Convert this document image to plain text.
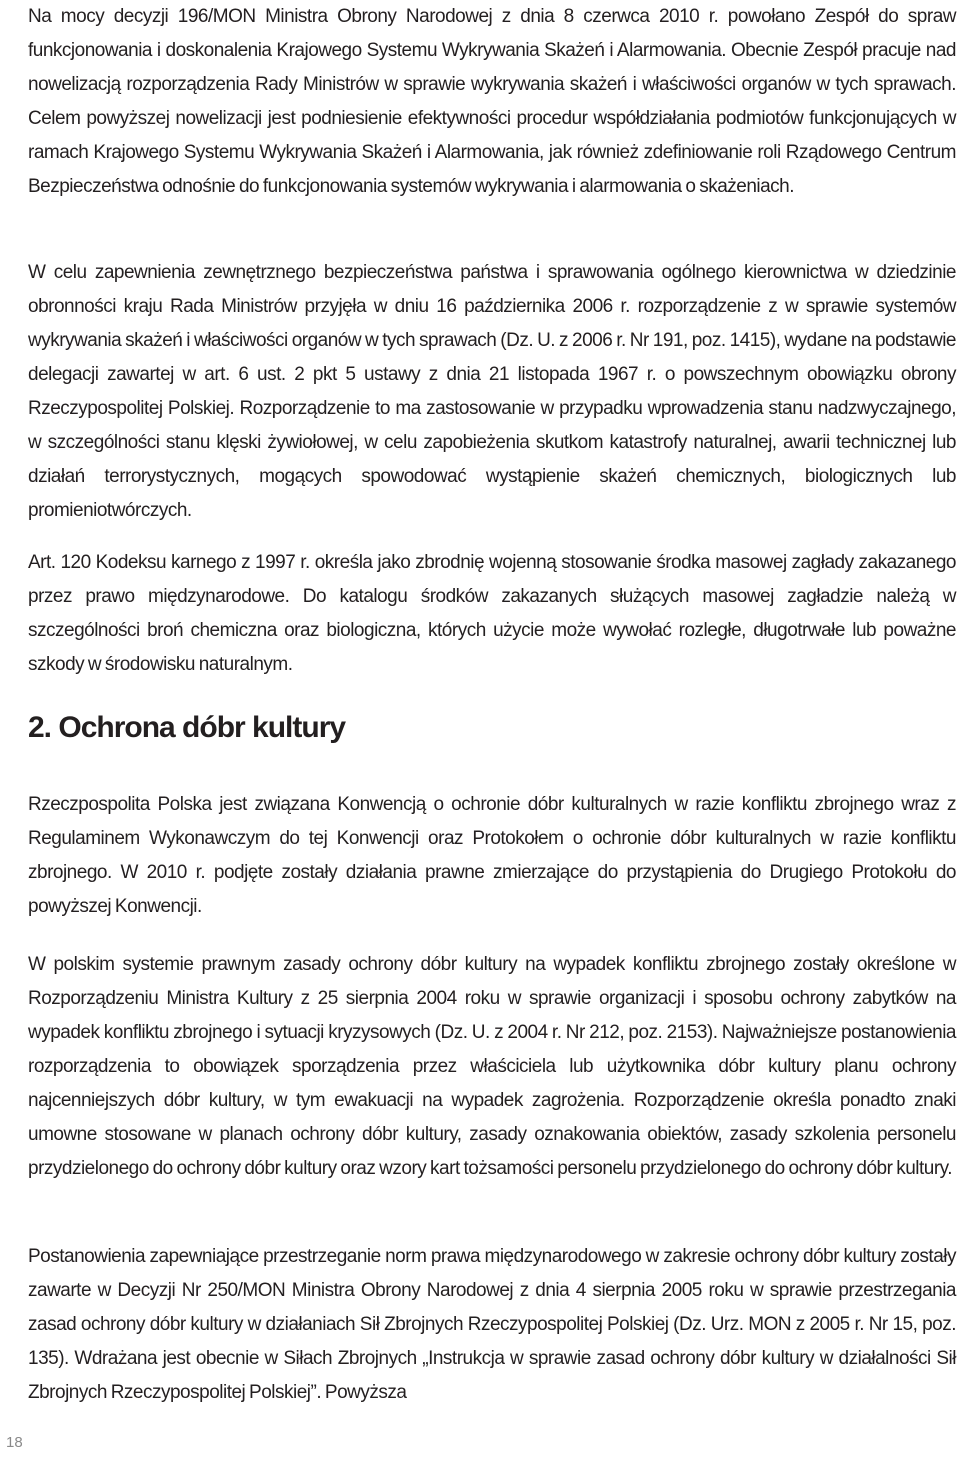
Na mocy decyzji 196/MON Ministra Obrony Narodowej z dnia 8 czerwca 2010 r. powołano Zespół do spraw funkcjonowania i doskonalenia Krajowego Systemu Wykrywania Skażeń i Alarmowania. Obecnie Zespół pracuje nad nowelizacją rozporządzenia Rady Ministrów w sprawie wykrywania skażeń i właściwości organów w tych sprawach. Celem powyższej nowelizacji jest podniesienie efektywności procedur współdziałania podmiotów funkcjonujących w ramach Krajowego Systemu Wykrywania Skażeń i Alarmowania, jak również zdefiniowanie roli Rządowego Centrum Bezpieczeństwa odnośnie do funkcjonowania systemów wykrywania i alarmowania o skażeniach.

W celu zapewnienia zewnętrznego bezpieczeństwa państwa i sprawowania ogólnego kierownictwa w dziedzinie obronności kraju Rada Ministrów przyjęła w dniu 16 października 2006 r. rozporządzenie z w sprawie systemów wykrywania skażeń i właściwości organów w tych sprawach (Dz. U. z 2006 r. Nr 191, poz. 1415), wydane na podstawie delegacji zawartej w art. 6 ust. 2 pkt 5 ustawy z dnia 21 listopada 1967 r. o powszechnym obowiązku obrony Rzeczypospolitej Polskiej. Rozporządzenie to ma zastosowanie w przypadku wprowadzenia stanu nadzwyczajnego, w szczególności stanu klęski żywiołowej, w celu zapobieżenia skutkom katastrofy naturalnej, awarii technicznej lub działań terrorystycznych, mogących spowodować wystąpienie skażeń chemicznych, biologicznych lub promieniotwórczych.

Art. 120 Kodeksu karnego z 1997 r. określa jako zbrodnię wojenną stosowanie środka masowej zagłady zakazanego przez prawo międzynarodowe. Do katalogu środków zakazanych służących masowej zagładzie należą w szczególności broń chemiczna oraz biologiczna, których użycie może wywołać rozległe, długotrwałe lub poważne szkody w środowisku naturalnym.

2. Ochrona dóbr kultury

Rzeczpospolita Polska jest związana Konwencją o ochronie dóbr kulturalnych w razie konfliktu zbrojnego wraz z Regulaminem Wykonawczym do tej Konwencji oraz Protokołem o ochronie dóbr kulturalnych w razie konfliktu zbrojnego. W 2010 r. podjęte zostały działania prawne zmierzające do przystąpienia do Drugiego Protokołu do powyższej Konwencji.

W polskim systemie prawnym zasady ochrony dóbr kultury na wypadek konfliktu zbrojnego zostały określone w Rozporządzeniu Ministra Kultury z 25 sierpnia 2004 roku w sprawie organizacji i sposobu ochrony zabytków na wypadek konfliktu zbrojnego i sytuacji kryzysowych (Dz. U. z 2004 r. Nr 212, poz. 2153). Najważniejsze postanowienia rozporządzenia to obowiązek sporządzenia przez właściciela lub użytkownika dóbr kultury planu ochrony najcenniejszych dóbr kultury, w tym ewakuacji na wypadek zagrożenia. Rozporządzenie określa ponadto znaki umowne stosowane w planach ochrony dóbr kultury, zasady oznakowania obiektów, zasady szkolenia personelu przydzielonego do ochrony dóbr kultury oraz wzory kart tożsamości personelu przydzielonego do ochrony dóbr kultury.

Postanowienia zapewniające przestrzeganie norm prawa międzynarodowego w zakresie ochrony dóbr kultury zostały zawarte w Decyzji Nr 250/MON Ministra Obrony Narodowej z dnia 4 sierpnia 2005 roku w sprawie przestrzegania zasad ochrony dóbr kultury w działaniach Sił Zbrojnych Rzeczypospolitej Polskiej (Dz. Urz. MON z 2005 r. Nr 15, poz. 135). Wdrażana jest obecnie w Siłach Zbrojnych „Instrukcja w sprawie zasad ochrony dóbr kultury w działalności Sił Zbrojnych Rzeczypospolitej Polskiej”. Powyższa

18
